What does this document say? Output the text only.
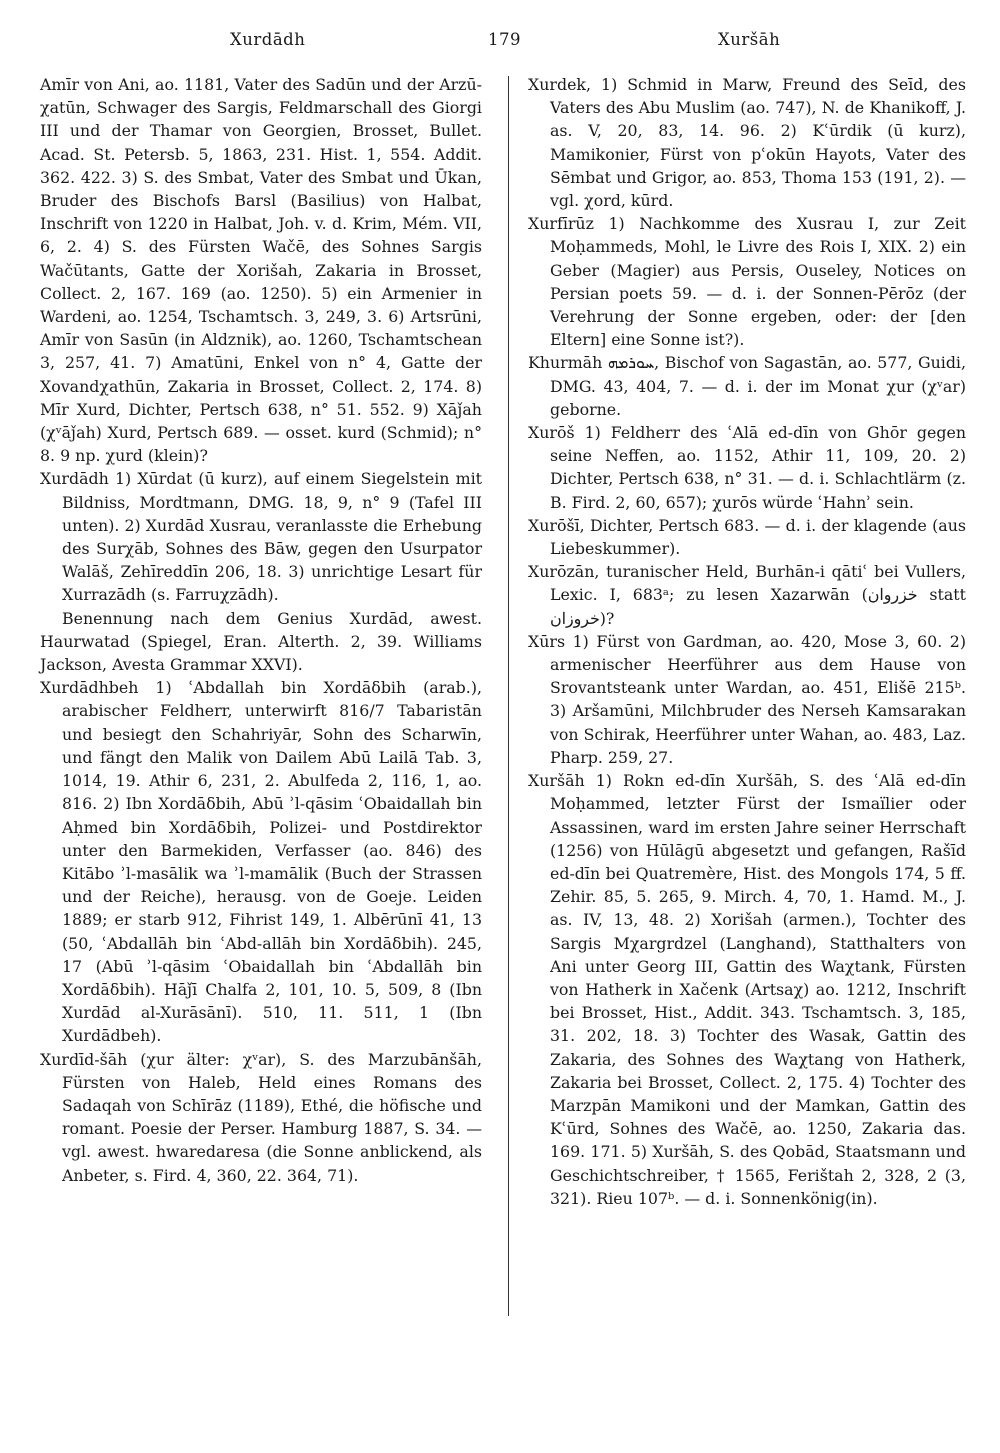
Xurdādh	179	Xuršāh

Amīr von Ani, ao. 1181, Vater des Sadūn und der Arzū-χatūn, Schwager des Sargis, Feldmarschall des Giorgi III und der Thamar von Georgien, Brosset, Bullet. Acad. St. Petersb. 5, 1863, 231. Hist. 1, 554. Addit. 362. 422. 3) S. des Smbat, Vater des Smbat und Ūkan, Bruder des Bischofs Barsl (Basilius) von Halbat, Inschrift von 1220 in Halbat, Joh. v. d. Krim, Mém. VII, 6, 2. 4) S. des Fürsten Wačē, des Sohnes Sargis Wačūtants, Gatte der Xorišah, Zakaria in Brosset, Collect. 2, 167. 169 (ao. 1250). 5) ein Armenier in Wardeni, ao. 1254, Tschamtsch. 3, 249, 3. 6) Artsrūni, Amīr von Sasūn (in Aldznik), ao. 1260, Tschamtschean 3, 257, 41. 7) Amatūni, Enkel von n° 4, Gatte der Xovandχathūn, Zakaria in Brosset, Collect. 2, 174. 8) Mīr Xurd, Dichter, Pertsch 638, n° 51. 552. 9) Xāǰah (χᵛāǰah) Xurd, Pertsch 689. — osset. kurd (Schmid); n° 8. 9 np. χurd (klein)?

Xurdādh 1) Xūrdat (ū kurz), auf einem Siegelstein mit Bildniss, Mordtmann, DMG. 18, 9, n° 9 (Tafel III unten). 2) Xurdād Xusrau, veranlasste die Erhebung des Surχāb, Sohnes des Bāw, gegen den Usurpator Walāš, Zehīreddīn 206, 18. 3) unrichtige Lesart für Xurrazādh (s. Farruχzādh).

Benennung nach dem Genius Xurdād, awest. Haurwatad (Spiegel, Eran. Alterth. 2, 39. Williams Jackson, Avesta Grammar XXVI).

Xurdādhbeh 1) ʿAbdallah bin Xordāδbih (arab.), arabischer Feldherr, unterwirft 816/7 Tabaristān und besiegt den Schahriyār, Sohn des Scharwīn, und fängt den Malik von Dailem Abū Lailā Tab. 3, 1014, 19. Athir 6, 231, 2. Abulfeda 2, 116, 1, ao. 816. 2) Ibn Xordāδbih, Abū ʾl-qāsim ʿObaidallah bin Aḥmed bin Xordāδbih, Polizei- und Postdirektor unter den Barmekiden, Verfasser (ao. 846) des Kitābo ʾl-masālik wa ʾl-mamālik (Buch der Strassen und der Reiche), herausg. von de Goeje. Leiden 1889; er starb 912, Fihrist 149, 1. Albērūnī 41, 13 (50, ʿAbdallāh bin ʿAbd-allāh bin Xordāδbih). 245, 17 (Abū ʾl-qāsim ʿObaidallah bin ʿAbdallāh bin Xordāδbih). Hāǰī Chalfa 2, 101, 10. 5, 509, 8 (Ibn Xurdād al-Xurāsānī). 510, 11. 511, 1 (Ibn Xurdādbeh).

Xurdīd-šāh (χur älter: χᵛar), S. des Marzubānšāh, Fürsten von Haleb, Held eines Romans des Sadaqah von Schīrāz (1189), Ethé, die höfische und romant. Poesie der Perser. Hamburg 1887, S. 34. — vgl. awest. hwaredaresa (die Sonne anblickend, als Anbeter, s. Fird. 4, 360, 22. 364, 71).

Xurdek, 1) Schmid in Marw, Freund des Seīd, des Vaters des Abu Muslim (ao. 747), N. de Khanikoff, J. as. V, 20, 83, 14. 96. 2) Kʿūrdik (ū kurz), Mamikonier, Fürst von pʿokūn Hayots, Vater des Sēmbat und Grigor, ao. 853, Thoma 153 (191, 2). — vgl. χord, kūrd.

Xurfīrūz 1) Nachkomme des Xusrau I, zur Zeit Moḥammeds, Mohl, le Livre des Rois I, XIX. 2) ein Geber (Magier) aus Persis, Ouseley, Notices on Persian poets 59. — d. i. der Sonnen-Pērōz (der Verehrung der Sonne ergeben, oder: der [den Eltern] eine Sonne ist?).

Khurmāh ܚܘܪܡܗ, Bischof von Sagastān, ao. 577, Guidi, DMG. 43, 404, 7. — d. i. der im Monat χur (χᵛar) geborne.

Xurōš 1) Feldherr des ʿAlā ed-dīn von Ghōr gegen seine Neffen, ao. 1152, Athir 11, 109, 20. 2) Dichter, Pertsch 638, n° 31. — d. i. Schlachtlärm (z. B. Fird. 2, 60, 657); χurōs würde ʿHahnʾ sein.

Xurōšī, Dichter, Pertsch 683. — d. i. der klagende (aus Liebeskummer).

Xurōzān, turanischer Held, Burhān-i qātiʿ bei Vullers, Lexic. I, 683ᵃ; zu lesen Xazarwān (خزروان statt خروزان)?

Xūrs 1) Fürst von Gardman, ao. 420, Mose 3, 60. 2) armenischer Heerführer aus dem Hause von Srovantsteank unter Wardan, ao. 451, Elišē 215ᵇ. 3) Aršamūni, Milchbruder des Nerseh Kamsarakan von Schirak, Heerführer unter Wahan, ao. 483, Laz. Pharp. 259, 27.

Xuršāh 1) Rokn ed-dīn Xuršāh, S. des ʿAlā ed-dīn Moḥammed, letzter Fürst der Ismaïlier oder Assassinen, ward im ersten Jahre seiner Herrschaft (1256) von Hūlāgū abgesetzt und gefangen, Rašīd ed-dīn bei Quatremère, Hist. des Mongols 174, 5 ff. Zehir. 85, 5. 265, 9. Mirch. 4, 70, 1. Hamd. M., J. as. IV, 13, 48. 2) Xorišah (armen.), Tochter des Sargis Mχargrdzel (Langhand), Statthalters von Ani unter Georg III, Gattin des Waχtank, Fürsten von Hatherk in Xačenk (Artsaχ) ao. 1212, Inschrift bei Brosset, Hist., Addit. 343. Tschamtsch. 3, 185, 31. 202, 18. 3) Tochter des Wasak, Gattin des Zakaria, des Sohnes des Waχtang von Hatherk, Zakaria bei Brosset, Collect. 2, 175. 4) Tochter des Marzpān Mamikoni und der Mamkan, Gattin des Kʿūrd, Sohnes des Wačē, ao. 1250, Zakaria das. 169. 171. 5) Xuršāh, S. des Qobād, Staatsmann und Geschichtschreiber, † 1565, Ferištah 2, 328, 2 (3, 321). Rieu 107ᵇ. — d. i. Sonnenkönig(in).
